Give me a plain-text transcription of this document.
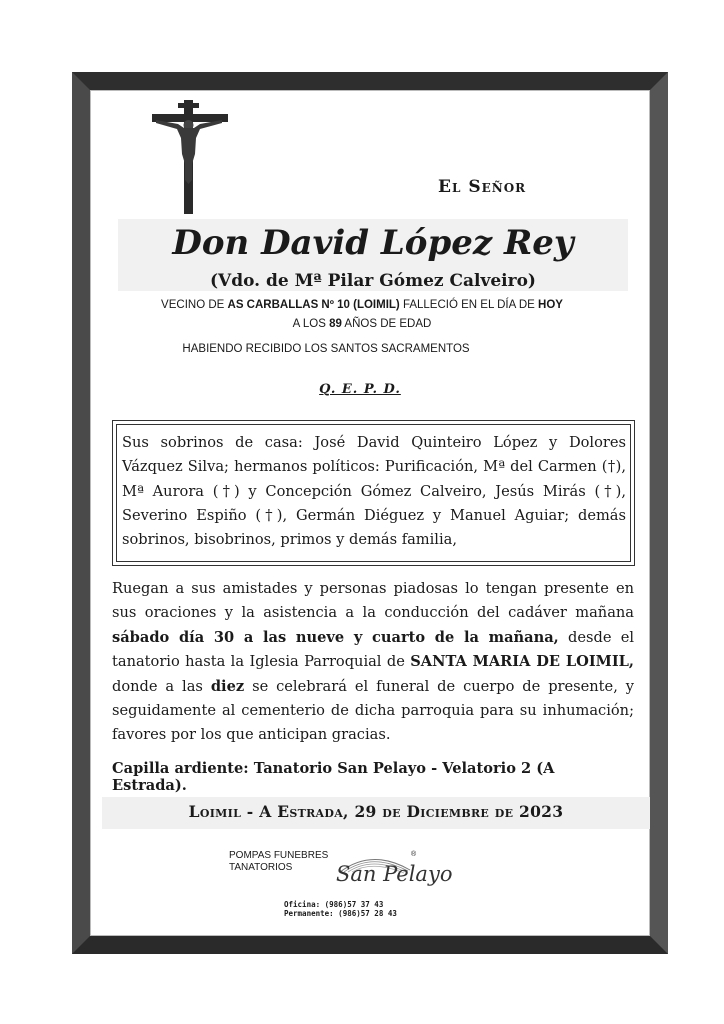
El Señor
Don David López Rey
(Vdo. de Mª Pilar Gómez Calveiro)
VECINO DE AS CARBALLAS Nº 10 (LOIMIL) FALLECIÓ EN EL DÍA DE HOY
A LOS 89 AÑOS DE EDAD
HABIENDO RECIBIDO LOS SANTOS SACRAMENTOS
Q. E. P. D.
Sus sobrinos de casa: José David Quinteiro López y Dolores Vázquez Silva; hermanos políticos: Purificación, Mª del Carmen (†), Mª Aurora (†) y Concepción Gómez Calveiro, Jesús Mirás (†), Severino Espiño (†), Germán Diéguez y Manuel Aguiar; demás sobrinos, bisobrinos, primos y demás familia,
Ruegan a sus amistades y personas piadosas lo tengan presente en sus oraciones y la asistencia a la conducción del cadáver mañana sábado día 30 a las nueve y cuarto de la mañana, desde el tanatorio hasta la Iglesia Parroquial de SANTA MARIA DE LOIMIL, donde a las diez se celebrará el funeral de cuerpo de presente, y seguidamente al cementerio de dicha parroquia para su inhumación; favores por los que anticipan gracias.
Capilla ardiente: Tanatorio San Pelayo - Velatorio 2 (A Estrada).
Loimil - A Estrada, 29 de Diciembre de 2023
POMPAS FUNEBRES
TANATORIOS	San Pelayo
®
Oficina: (986)57 37 43
Permanente: (986)57 28 43
